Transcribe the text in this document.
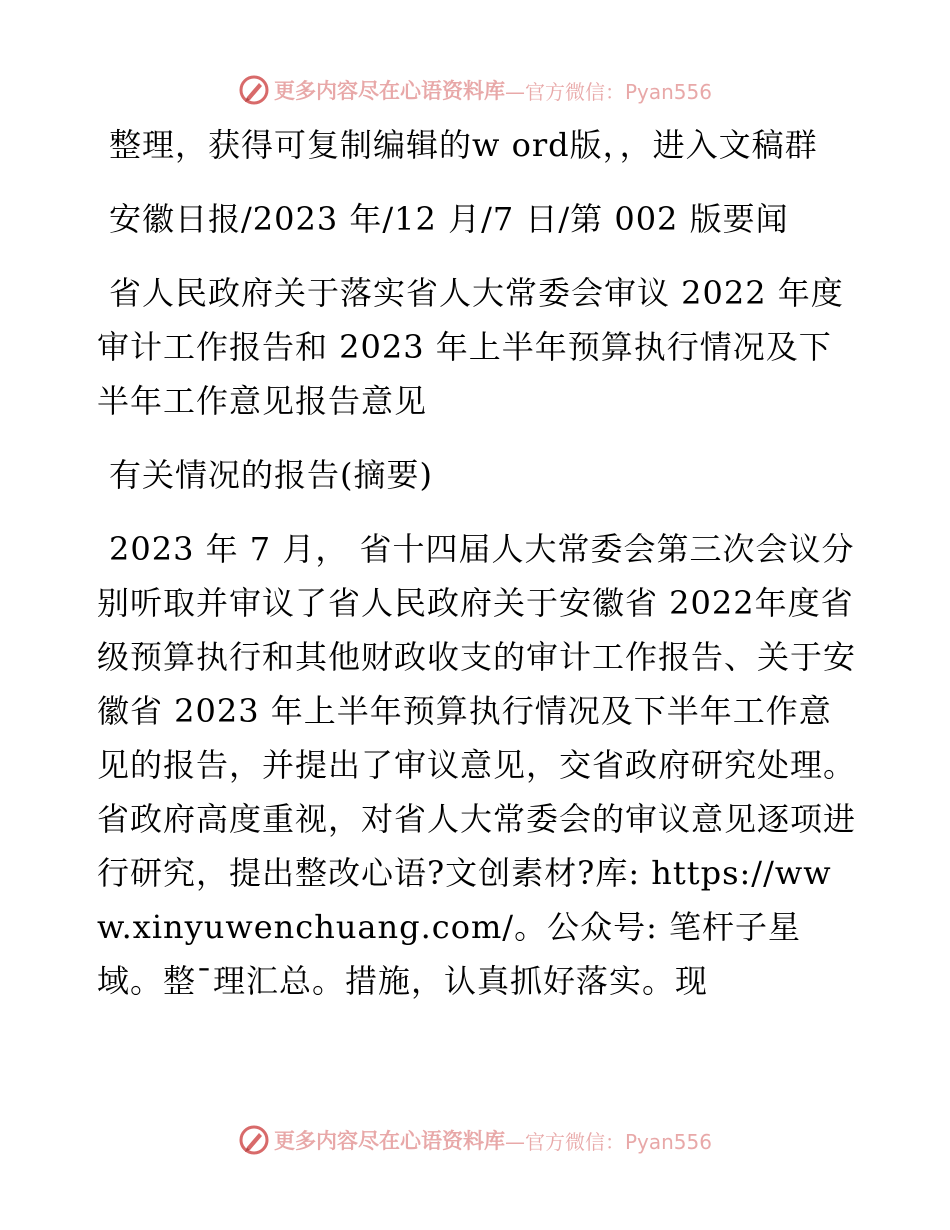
更多内容尽在心语资料库 —官方微信：Pyan556

整理，获得可复制编辑的w ord版，，进入文稿群

安徽日报/2023 年/12 月/7 日/第 002 版要闻

省人民政府关于落实省人大常委会审议 2022 年度审计工作报告和 2023 年上半年预算执行情况及下半年工作意见报告意见

有关情况的报告(摘要)

2023 年 7 月， 省十四届人大常委会第三次会议分别听取并审议了省人民政府关于安徽省 2022年度省级预算执行和其他财政收支的审计工作报告、关于安徽省 2023 年上半年预算执行情况及下半年工作意见的报告，并提出了审议意见，交省政府研究处理。省政府高度重视，对省人大常委会的审议意见逐项进行研究，提出整改心语?文创素材?库: https://www.xinyuwenchuang.com/。公众号: 笔杆子星域。整¯理汇总。措施，认真抓好落实。现

更多内容尽在心语资料库 —官方微信：Pyan556
